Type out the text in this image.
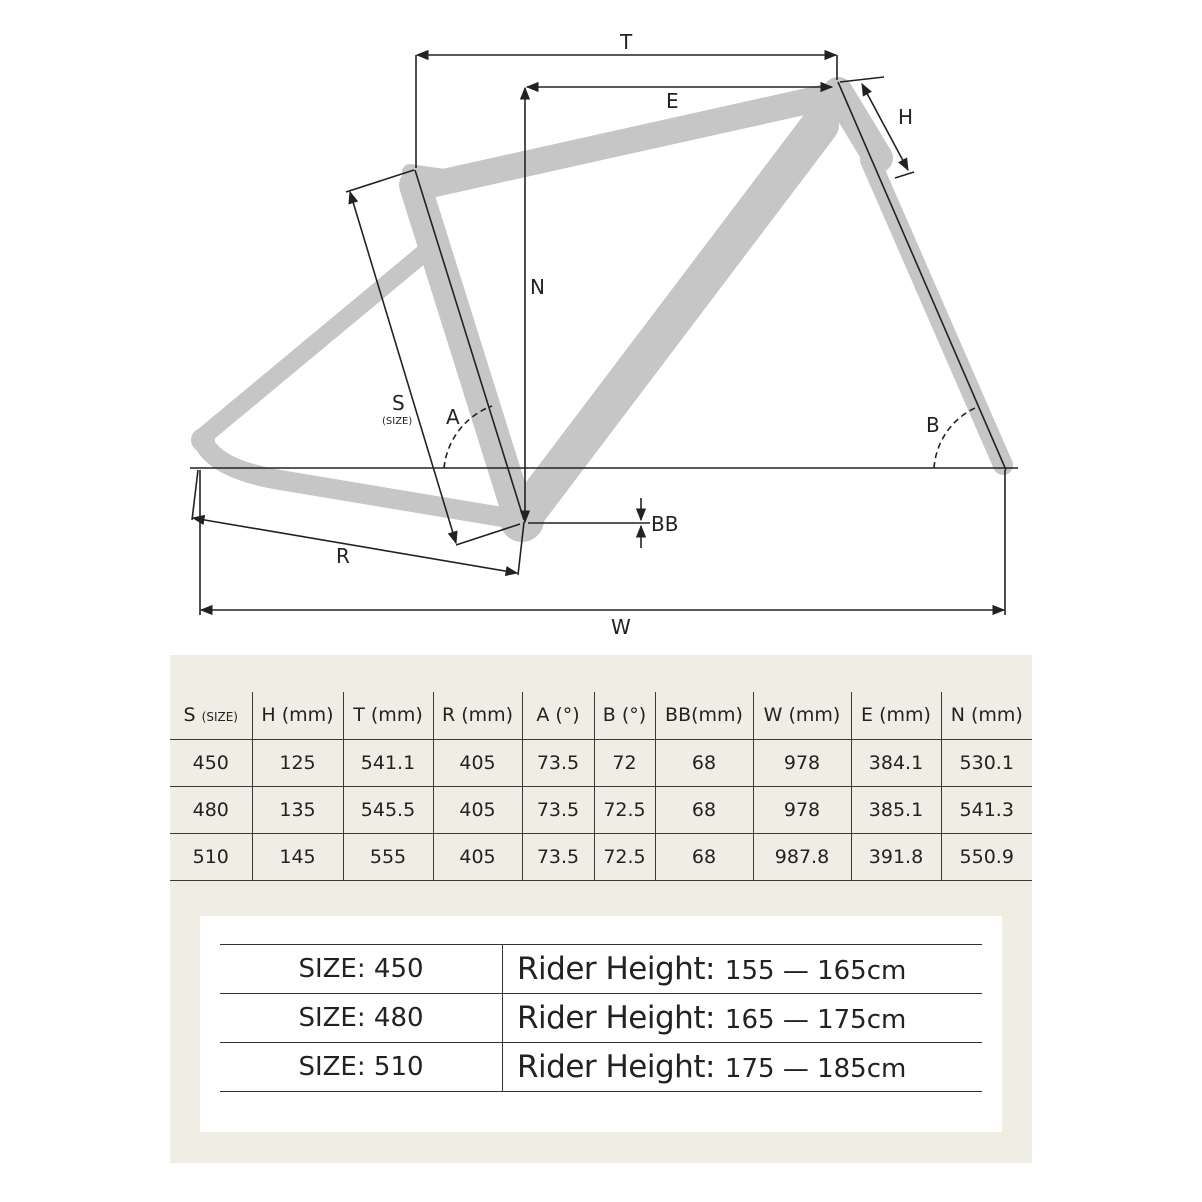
T
E
H
N
S
(SIZE) A	B
BB
R
W
S (SIZE)	H (mm)	T (mm)	R (mm)	A (°)	B (°)	BB(mm)	W (mm)	E (mm)	N (mm)
450	125	541.1	405	73.5	72	68	978	384.1	530.1
480	135	545.5	405	73.5	72.5	68	978	385.1	541.3
510	145	555	405	73.5	72.5	68	987.8	391.8	550.9
SIZE: 450	Rider Height: 155 — 165cm
SIZE: 480	Rider Height: 165 — 175cm
SIZE: 510	Rider Height: 175 — 185cm
